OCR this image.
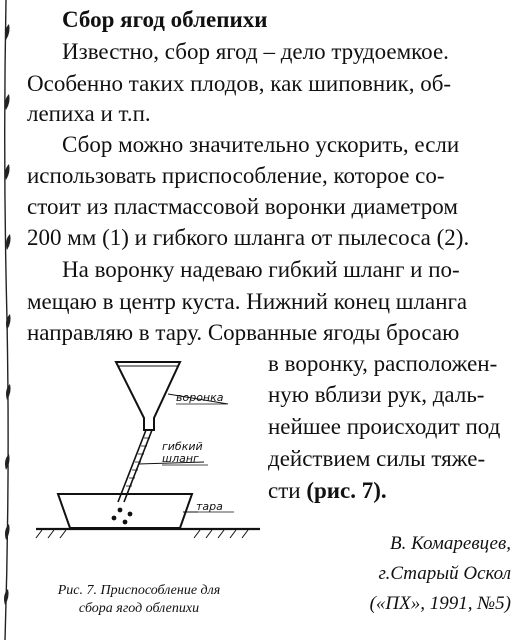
Сбор ягод облепихи
Известно, сбор ягод – дело трудоемкое.
Особенно таких плодов, как шиповник, об-
лепиха и т.п.
Сбор можно значительно ускорить, если
использовать приспособление, которое со-
стоит из пластмассовой воронки диаметром
200 мм (1) и гибкого шланга от пылесоса (2).
На воронку надеваю гибкий шланг и по-
мещаю в центр куста. Нижний конец шланга
направляю в тару. Сорванные ягоды бросаю
в воронку, расположен-
ную вблизи рук, даль-
нейшее происходит под
действием силы тяже-
сти (рис. 7).
воронка
гибкий
шланг
тара
Рис. 7. Приспособление для
сбора ягод облепихи
В. Комаревцев,
г.Старый Оскол
(«ПХ», 1991, №5)
